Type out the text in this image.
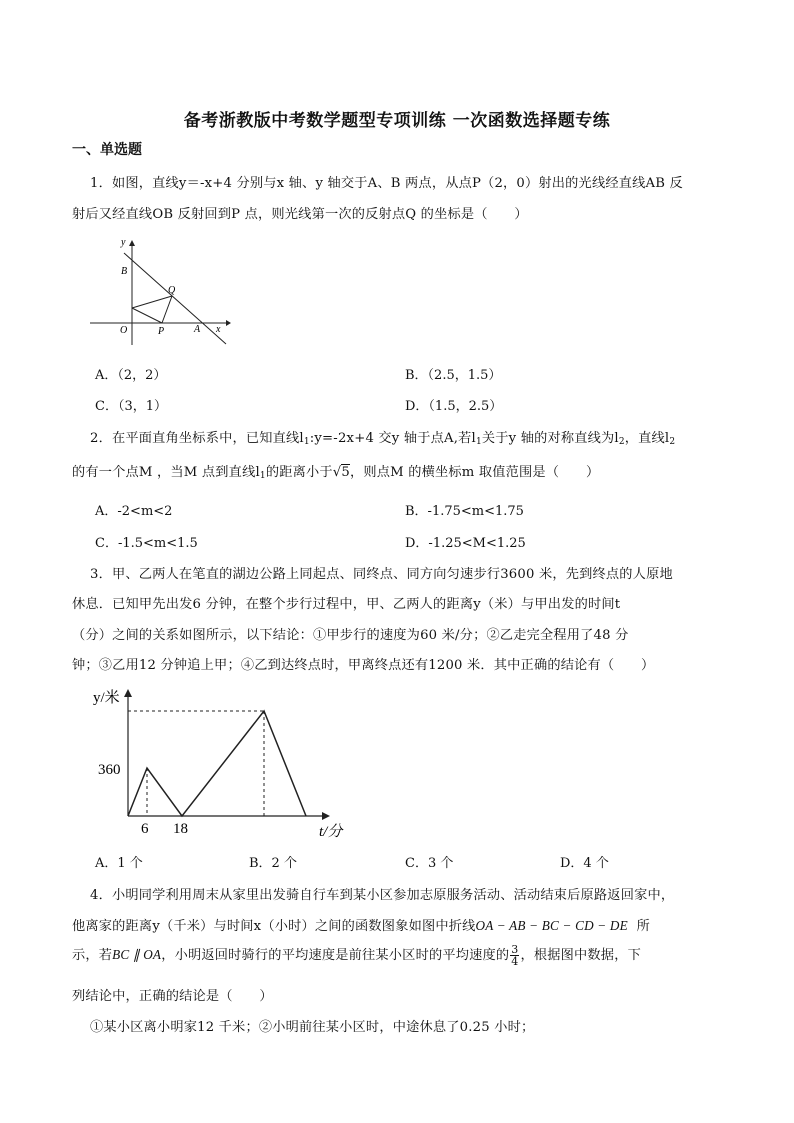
备考浙教版中考数学题型专项训练 一次函数选择题专练
一、单选题
1．如图，直线y＝-x+4 分别与x 轴、y 轴交于A、B 两点，从点P（2，0）射出的光线经直线AB 反
射后又经直线OB 反射回到P 点，则光线第一次的反射点Q 的坐标是（　　）
y
B
Q
O	P	A x
A．（2，2）	B．（2.5，1.5）
C．（3，1）	D．（1.5，2.5）
2．在平面直角坐标系中，已知直线$l_1:y=-2x+4$ 交y 轴于点A,若$l_1$关于y 轴的对称直线为$l_2$，直线$l_2$
的有一个点M ，当M 点到直线$l_1$的距离小于√5，则点M 的横坐标m 取值范围是（　　）
A．-2<m<2	B．-1.75<m<1.75
C．-1.5<m<1.5	D．-1.25<M<1.25
3．甲、乙两人在笔直的湖边公路上同起点、同终点、同方向匀速步行3600 米，先到终点的人原地
休息．已知甲先出发6 分钟，在整个步行过程中，甲、乙两人的距离y（米）与甲出发的时间t
（分）之间的关系如图所示，以下结论：①甲步行的速度为60 米/分；②乙走完全程用了48 分
钟；③乙用12 分钟追上甲；④乙到达终点时，甲离终点还有1200 米．其中正确的结论有（　　）
y/米
360
6 18	t/分
A．1 个	B．2 个	C．3 个	D．4 个
4．小明同学利用周末从家里出发骑自行车到某小区参加志原服务活动、活动结束后原路返回家中，
他离家的距离y（千米）与时间x（小时）之间的函数图象如图中折线OA − AB − BC − CD − DE 所
示，若BC ∥ OA，小明返回时骑行的平均速度是前往某小区时的平均速度的 $\frac{3}{4}$ ，根据图中数据，下
列结论中，正确的结论是（　　）
①某小区离小明家12 千米；②小明前往某小区时，中途休息了0.25 小时；
